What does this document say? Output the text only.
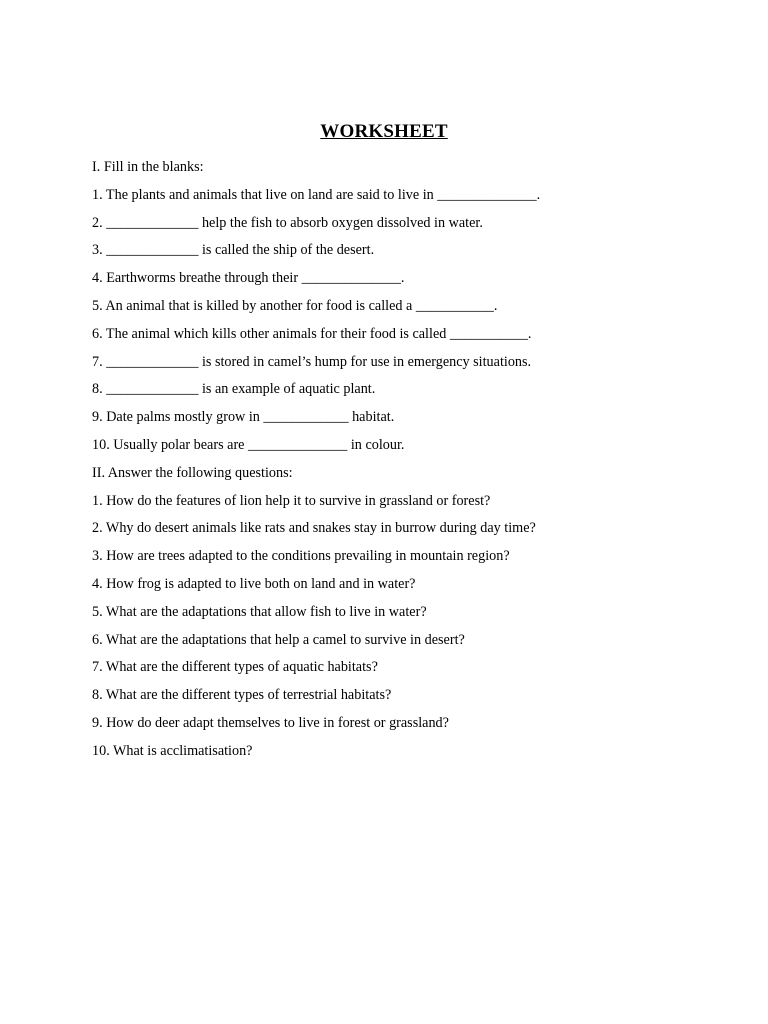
WORKSHEET

I. Fill in the blanks:

1. The plants and animals that live on land are said to live in ______________.

2. _____________ help the fish to absorb oxygen dissolved in water.

3. _____________ is called the ship of the desert.

4. Earthworms breathe through their ______________.

5. An animal that is killed by another for food is called a ___________.

6. The animal which kills other animals for their food is called ___________.

7. _____________ is stored in camel’s hump for use in emergency situations.

8. _____________ is an example of aquatic plant.

9. Date palms mostly grow in ____________ habitat.

10. Usually polar bears are ______________ in colour.

II. Answer the following questions:

1. How do the features of lion help it to survive in grassland or forest?

2. Why do desert animals like rats and snakes stay in burrow during day time?

3. How are trees adapted to the conditions prevailing in mountain region?

4. How frog is adapted to live both on land and in water?

5. What are the adaptations that allow fish to live in water?

6. What are the adaptations that help a camel to survive in desert?

7. What are the different types of aquatic habitats?

8. What are the different types of terrestrial habitats?

9. How do deer adapt themselves to live in forest or grassland?

10. What is acclimatisation?
